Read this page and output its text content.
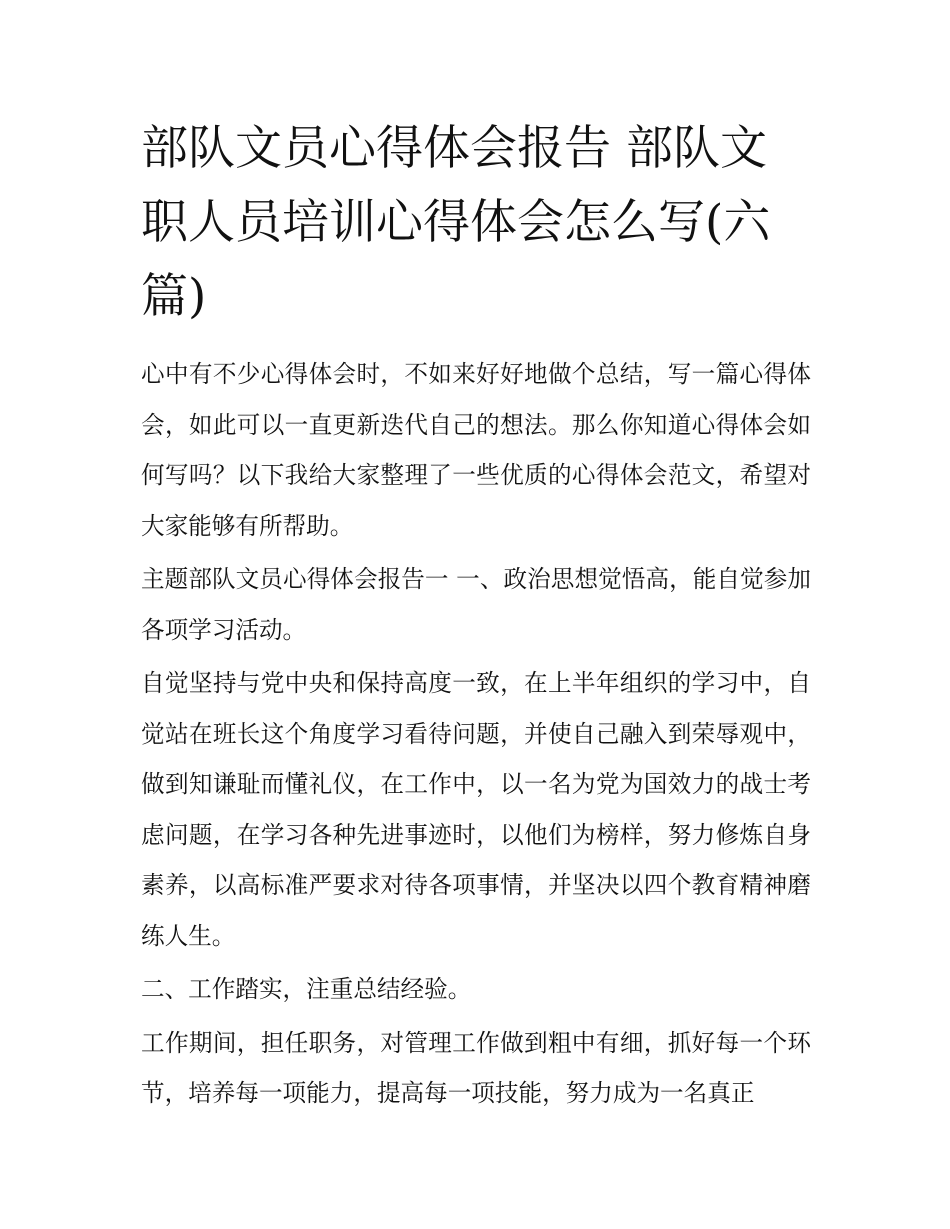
部队文员心得体会报告 部队文职人员培训心得体会怎么写(六篇)

心中有不少心得体会时，不如来好好地做个总结，写一篇心得体会，如此可以一直更新迭代自己的想法。那么你知道心得体会如何写吗？以下我给大家整理了一些优质的心得体会范文，希望对大家能够有所帮助。

主题部队文员心得体会报告一 一、政治思想觉悟高，能自觉参加各项学习活动。

自觉坚持与党中央和保持高度一致，在上半年组织的学习中，自觉站在班长这个角度学习看待问题，并使自己融入到荣辱观中，做到知谦耻而懂礼仪，在工作中，以一名为党为国效力的战士考虑问题，在学习各种先进事迹时，以他们为榜样，努力修炼自身素养，以高标准严要求对待各项事情，并坚决以四个教育精神磨练人生。

二、工作踏实，注重总结经验。

工作期间，担任职务，对管理工作做到粗中有细，抓好每一个环节，培养每一项能力，提高每一项技能，努力成为一名真正
